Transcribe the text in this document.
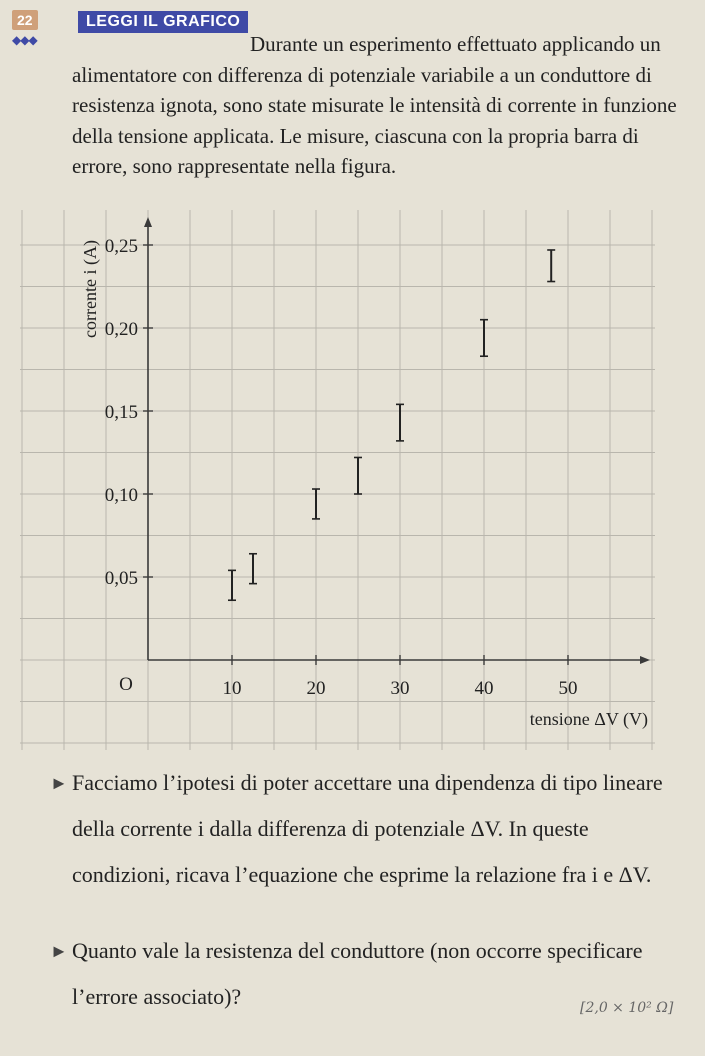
22
◆◆◆
LEGGI IL GRAFICO

Durante un esperimento effettuato applicando un alimentatore con differenza di potenziale variabile a un conduttore di resistenza ignota, sono state misurate le intensità di corrente in funzione della tensione applicata. Le misure, ciascuna con la propria barra di errore, sono rappresentate nella figura.

10	20	30	40	50
O
0,05
0,10
0,15
0,20
0,25
corrente i (A)
tensione ΔV (V)
► Facciamo l’ipotesi di poter accettare una dipendenza di tipo lineare della corrente i dalla differenza di potenziale ΔV. In queste condizioni, ricava l’equazione che esprime la relazione fra i e ΔV.
► Quanto vale la resistenza del conduttore (non occorre specificare l’errore associato)?	[2,0 × 10² Ω]
